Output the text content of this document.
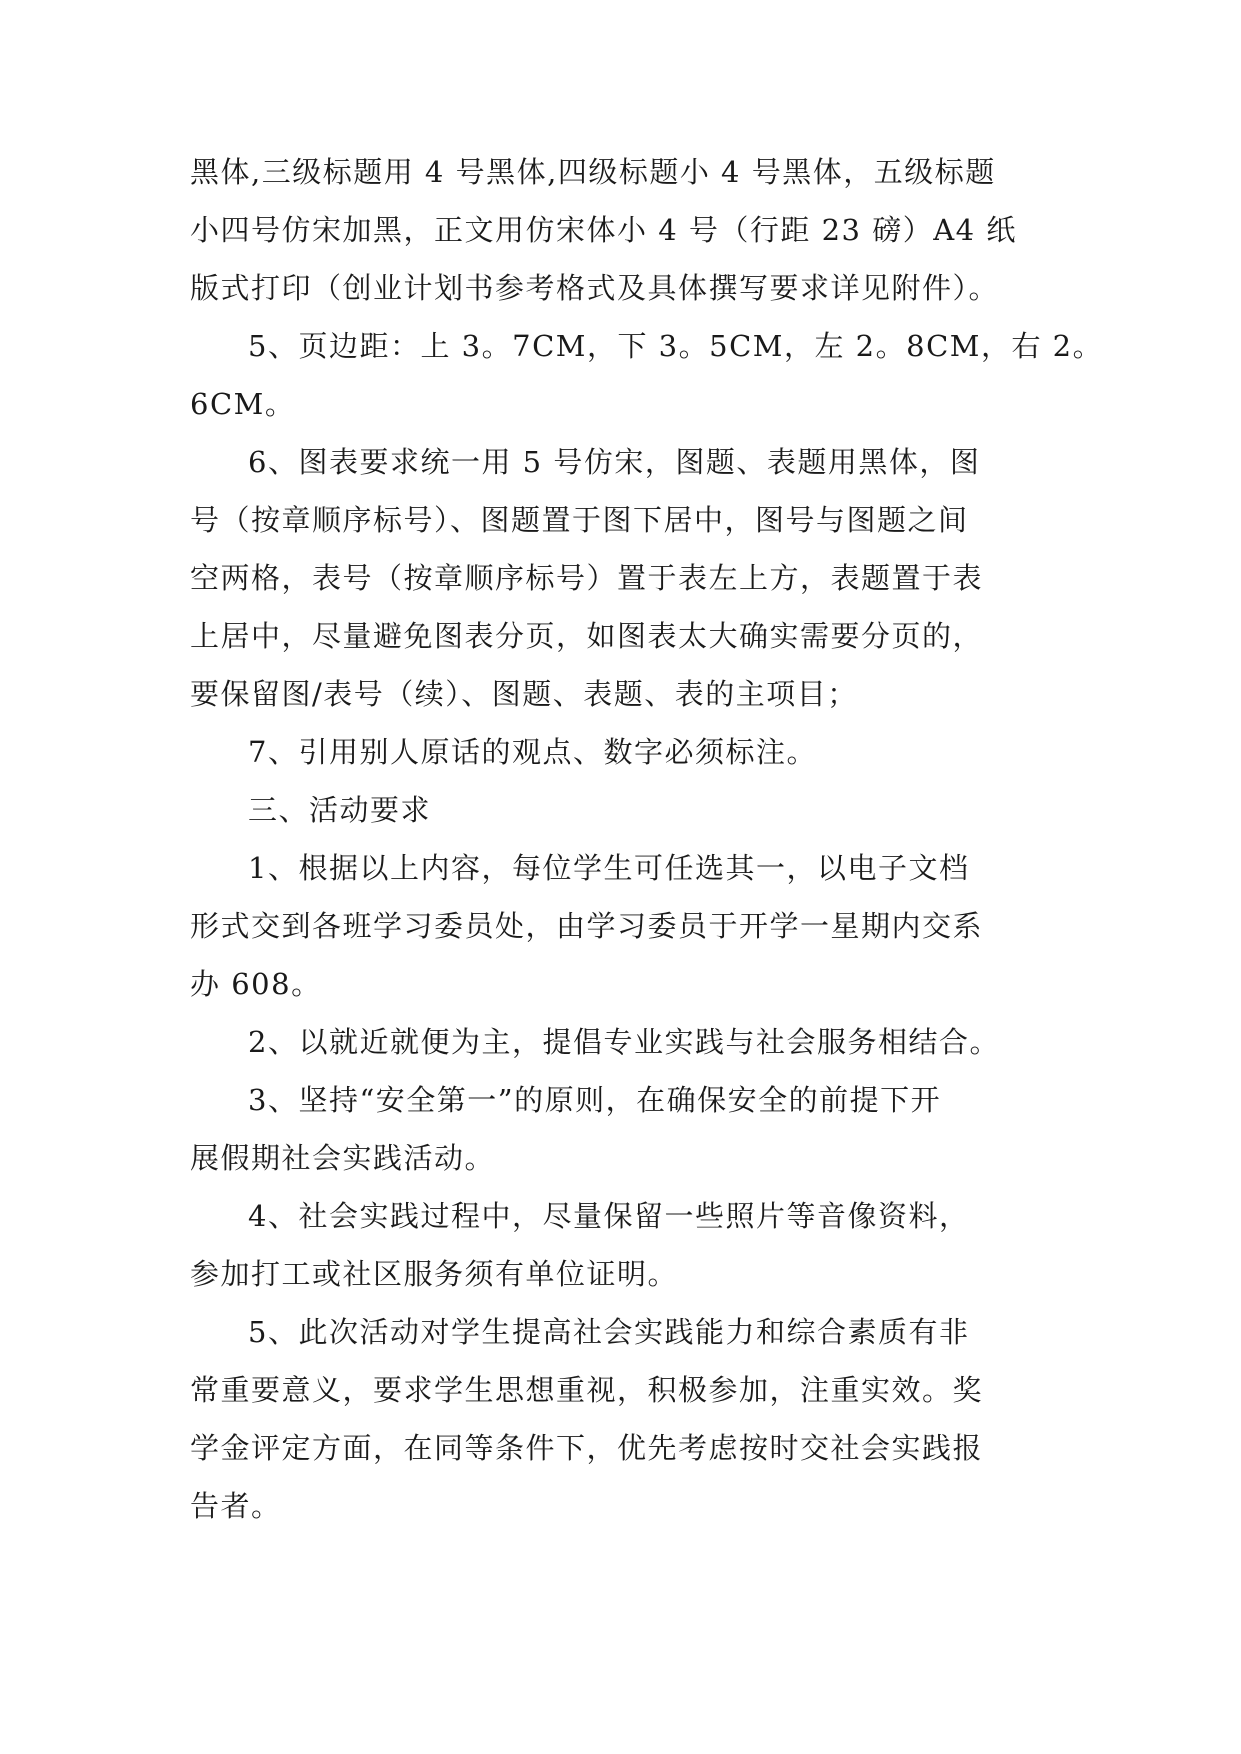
黑体,三级标题用 4 号黑体,四级标题小 4 号黑体，五级标题
小四号仿宋加黑，正文用仿宋体小 4 号（行距 23 磅）A4 纸
版式打印（创业计划书参考格式及具体撰写要求详见附件）。
5、页边距：上 3。7CM，下 3。5CM，左 2。8CM，右 2。
6CM。
6、图表要求统一用 5 号仿宋，图题、表题用黑体，图
号（按章顺序标号）、图题置于图下居中，图号与图题之间
空两格，表号（按章顺序标号）置于表左上方，表题置于表
上居中，尽量避免图表分页，如图表太大确实需要分页的，
要保留图/表号（续）、图题、表题、表的主项目；
7、引用别人原话的观点、数字必须标注。
三、活动要求
1、根据以上内容，每位学生可任选其一，以电子文档
形式交到各班学习委员处，由学习委员于开学一星期内交系
办 608。
2、以就近就便为主，提倡专业实践与社会服务相结合。
3、坚持“安全第一”的原则，在确保安全的前提下开
展假期社会实践活动。
4、社会实践过程中，尽量保留一些照片等音像资料，
参加打工或社区服务须有单位证明。
5、此次活动对学生提高社会实践能力和综合素质有非
常重要意义，要求学生思想重视，积极参加，注重实效。奖
学金评定方面，在同等条件下，优先考虑按时交社会实践报
告者。
